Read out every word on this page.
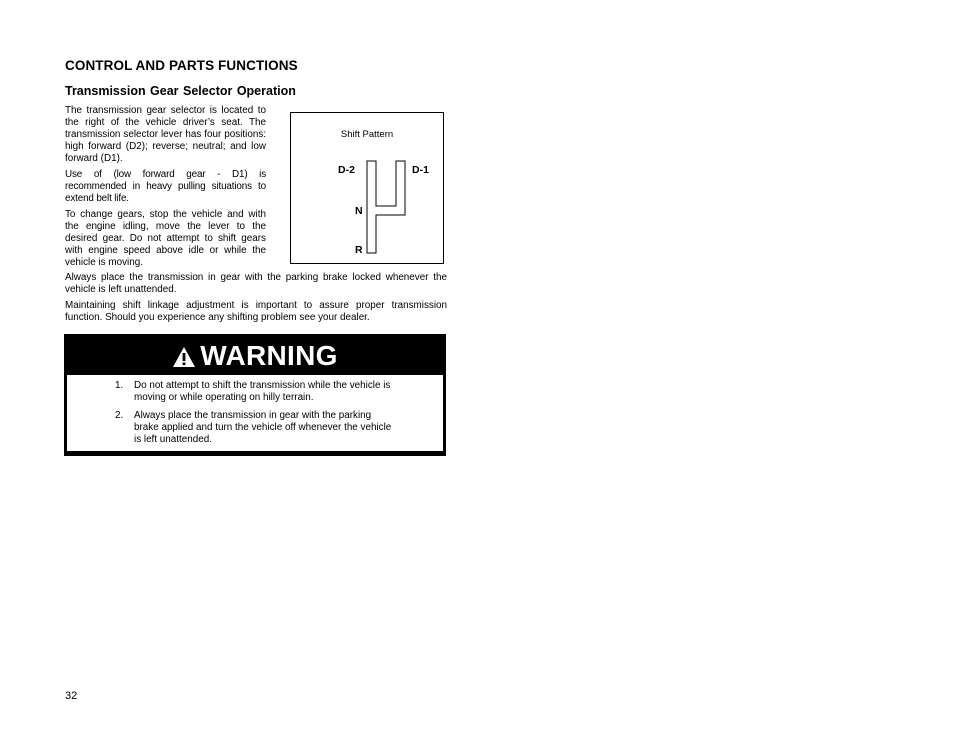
CONTROL AND PARTS FUNCTIONS
Transmission Gear Selector Operation

The transmission gear selector is located to the right of the vehicle driver’s seat. The transmission selector lever has four positions: high forward (D2); reverse; neutral; and low forward (D1).

Use of (low forward gear - D1) is recommended in heavy pulling situations to extend belt life.

To change gears, stop the vehicle and with the engine idling, move the lever to the desired gear. Do not attempt to shift gears with engine speed above idle or while the vehicle is moving.

Always place the transmission in gear with the parking brake locked whenever the vehicle is left unattended.

Maintaining shift linkage adjustment is important to assure proper transmission function. Should you experience any shifting problem see your dealer.

Shift Pattern
D-2	D-1
N
R
WARNING
1.	Do not attempt to shift the transmission while the vehicle is moving or while operating on hilly terrain.
2.	Always place the transmission in gear with the parking brake applied and turn the vehicle off whenever the vehicle is left unattended.
32
